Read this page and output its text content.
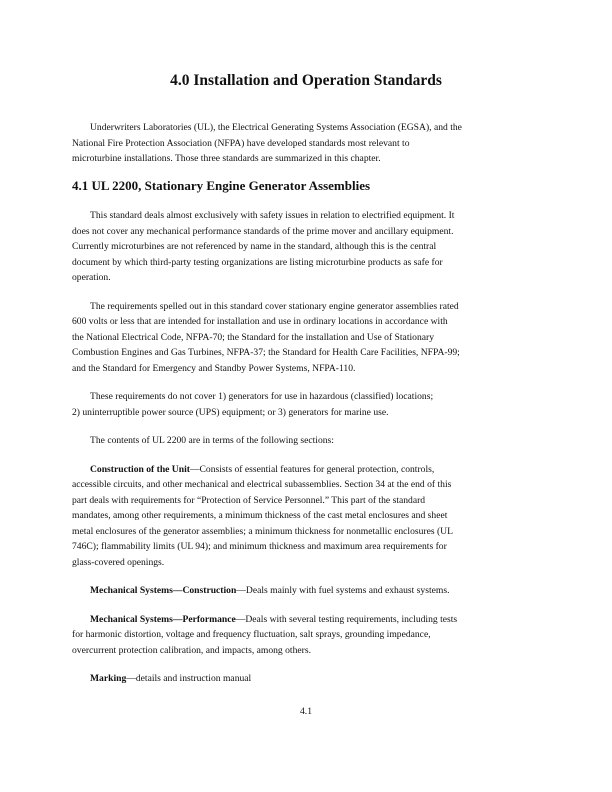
4.0 Installation and Operation Standards

Underwriters Laboratories (UL), the Electrical Generating Systems Association (EGSA), and the
National Fire Protection Association (NFPA) have developed standards most relevant to
microturbine installations. Those three standards are summarized in this chapter.

4.1 UL 2200, Stationary Engine Generator Assemblies

This standard deals almost exclusively with safety issues in relation to electrified equipment. It
does not cover any mechanical performance standards of the prime mover and ancillary equipment.
Currently microturbines are not referenced by name in the standard, although this is the central
document by which third-party testing organizations are listing microturbine products as safe for
operation.

The requirements spelled out in this standard cover stationary engine generator assemblies rated
600 volts or less that are intended for installation and use in ordinary locations in accordance with
the National Electrical Code, NFPA-70; the Standard for the installation and Use of Stationary
Combustion Engines and Gas Turbines, NFPA-37; the Standard for Health Care Facilities, NFPA-99;
and the Standard for Emergency and Standby Power Systems, NFPA-110.

These requirements do not cover 1) generators for use in hazardous (classified) locations;
2) uninterruptible power source (UPS) equipment; or 3) generators for marine use.

The contents of UL 2200 are in terms of the following sections:

Construction of the Unit—Consists of essential features for general protection, controls,
accessible circuits, and other mechanical and electrical subassemblies. Section 34 at the end of this
part deals with requirements for “Protection of Service Personnel.” This part of the standard
mandates, among other requirements, a minimum thickness of the cast metal enclosures and sheet
metal enclosures of the generator assemblies; a minimum thickness for nonmetallic enclosures (UL
746C); flammability limits (UL 94); and minimum thickness and maximum area requirements for
glass-covered openings.

Mechanical Systems—Construction—Deals mainly with fuel systems and exhaust systems.

Mechanical Systems—Performance—Deals with several testing requirements, including tests
for harmonic distortion, voltage and frequency fluctuation, salt sprays, grounding impedance,
overcurrent protection calibration, and impacts, among others.

Marking—details and instruction manual

4.1
